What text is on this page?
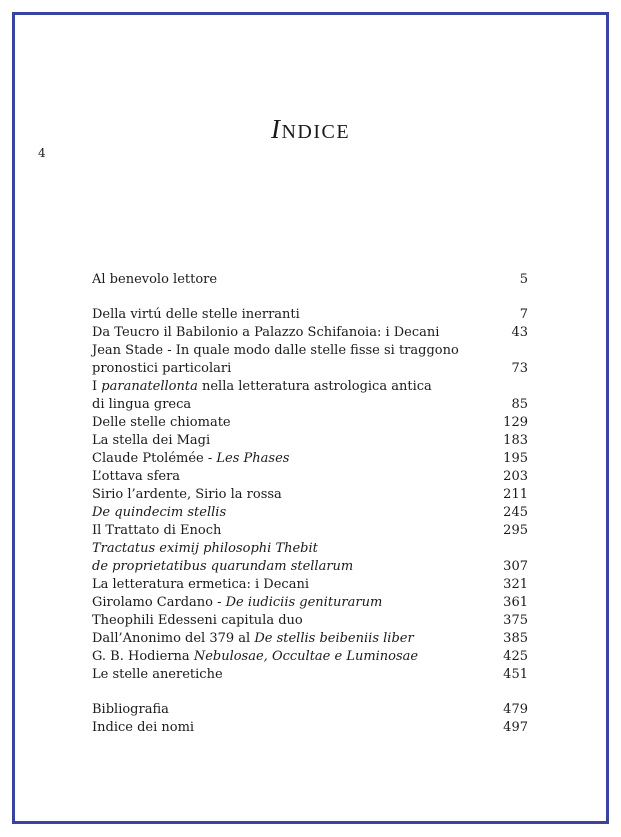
4
INDICE
Al benevolo lettore	5
Della virtú delle stelle inerranti	7
Da Teucro il Babilonio a Palazzo Schifanoia: i Decani	43
Jean Stade - In quale modo dalle stelle fisse si traggono
pronostici particolari	73
I paranatellonta nella letteratura astrologica antica
di lingua greca	85
Delle stelle chiomate	129
La stella dei Magi	183
Claude Ptolémée - Les Phases	195
L’ottava sfera	203
Sirio l’ardente, Sirio la rossa	211
De quindecim stellis	245
Il Trattato di Enoch	295
Tractatus eximij philosophi Thebit
de proprietatibus quarundam stellarum	307
La letteratura ermetica: i Decani	321
Girolamo Cardano - De iudiciis geniturarum	361
Theophili Edesseni capitula duo	375
Dall’Anonimo del 379 al De stellis beibeniis liber	385
G. B. Hodierna Nebulosae, Occultae e Luminosae	425
Le stelle aneretiche	451
Bibliografia	479
Indice dei nomi	497
